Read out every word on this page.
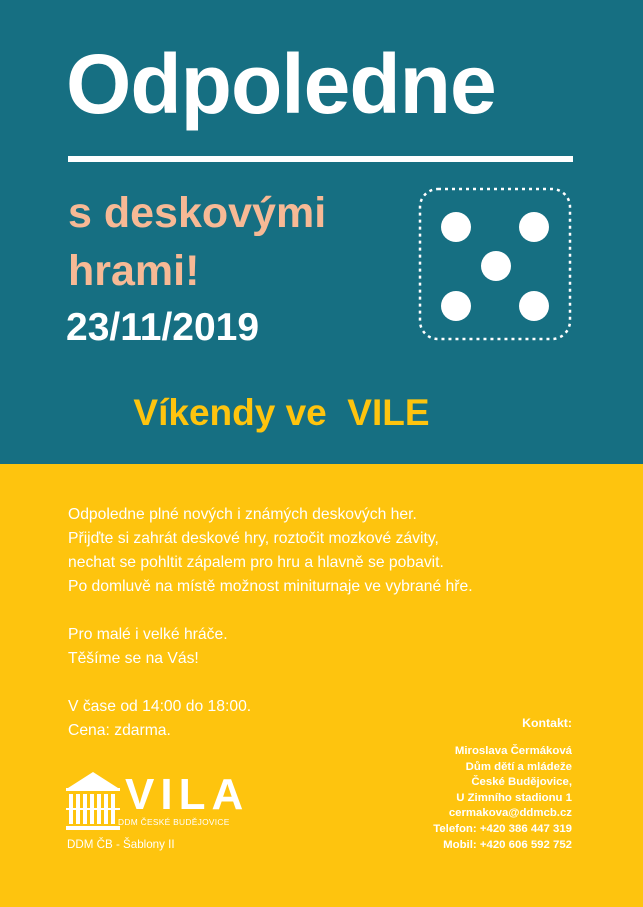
Odpoledne
s deskovými
hrami!
23/11/2019
Víkendy ve  VILE
Odpoledne plné nových i známých deskových her.
Přijďte si zahrát deskové hry, roztočit mozkové závity,
nechat se pohltit zápalem pro hru a hlavně se pobavit.
Po domluvě na místě možnost miniturnaje ve vybrané hře.
Pro malé i velké hráče.
Těšíme se na Vás!
V čase od 14:00 do 18:00.
Cena: zdarma.	Kontakt:
Miroslava Čermáková
Dům dětí a mládeže
České Budějovice,
U Zimního stadionu 1
cermakova@ddmcb.cz
Telefon: +420 386 447 319
Mobil: +420 606 592 752
VILA
DDM ČESKÉ BUDĚJOVICE
DDM ČB - Šablony II
